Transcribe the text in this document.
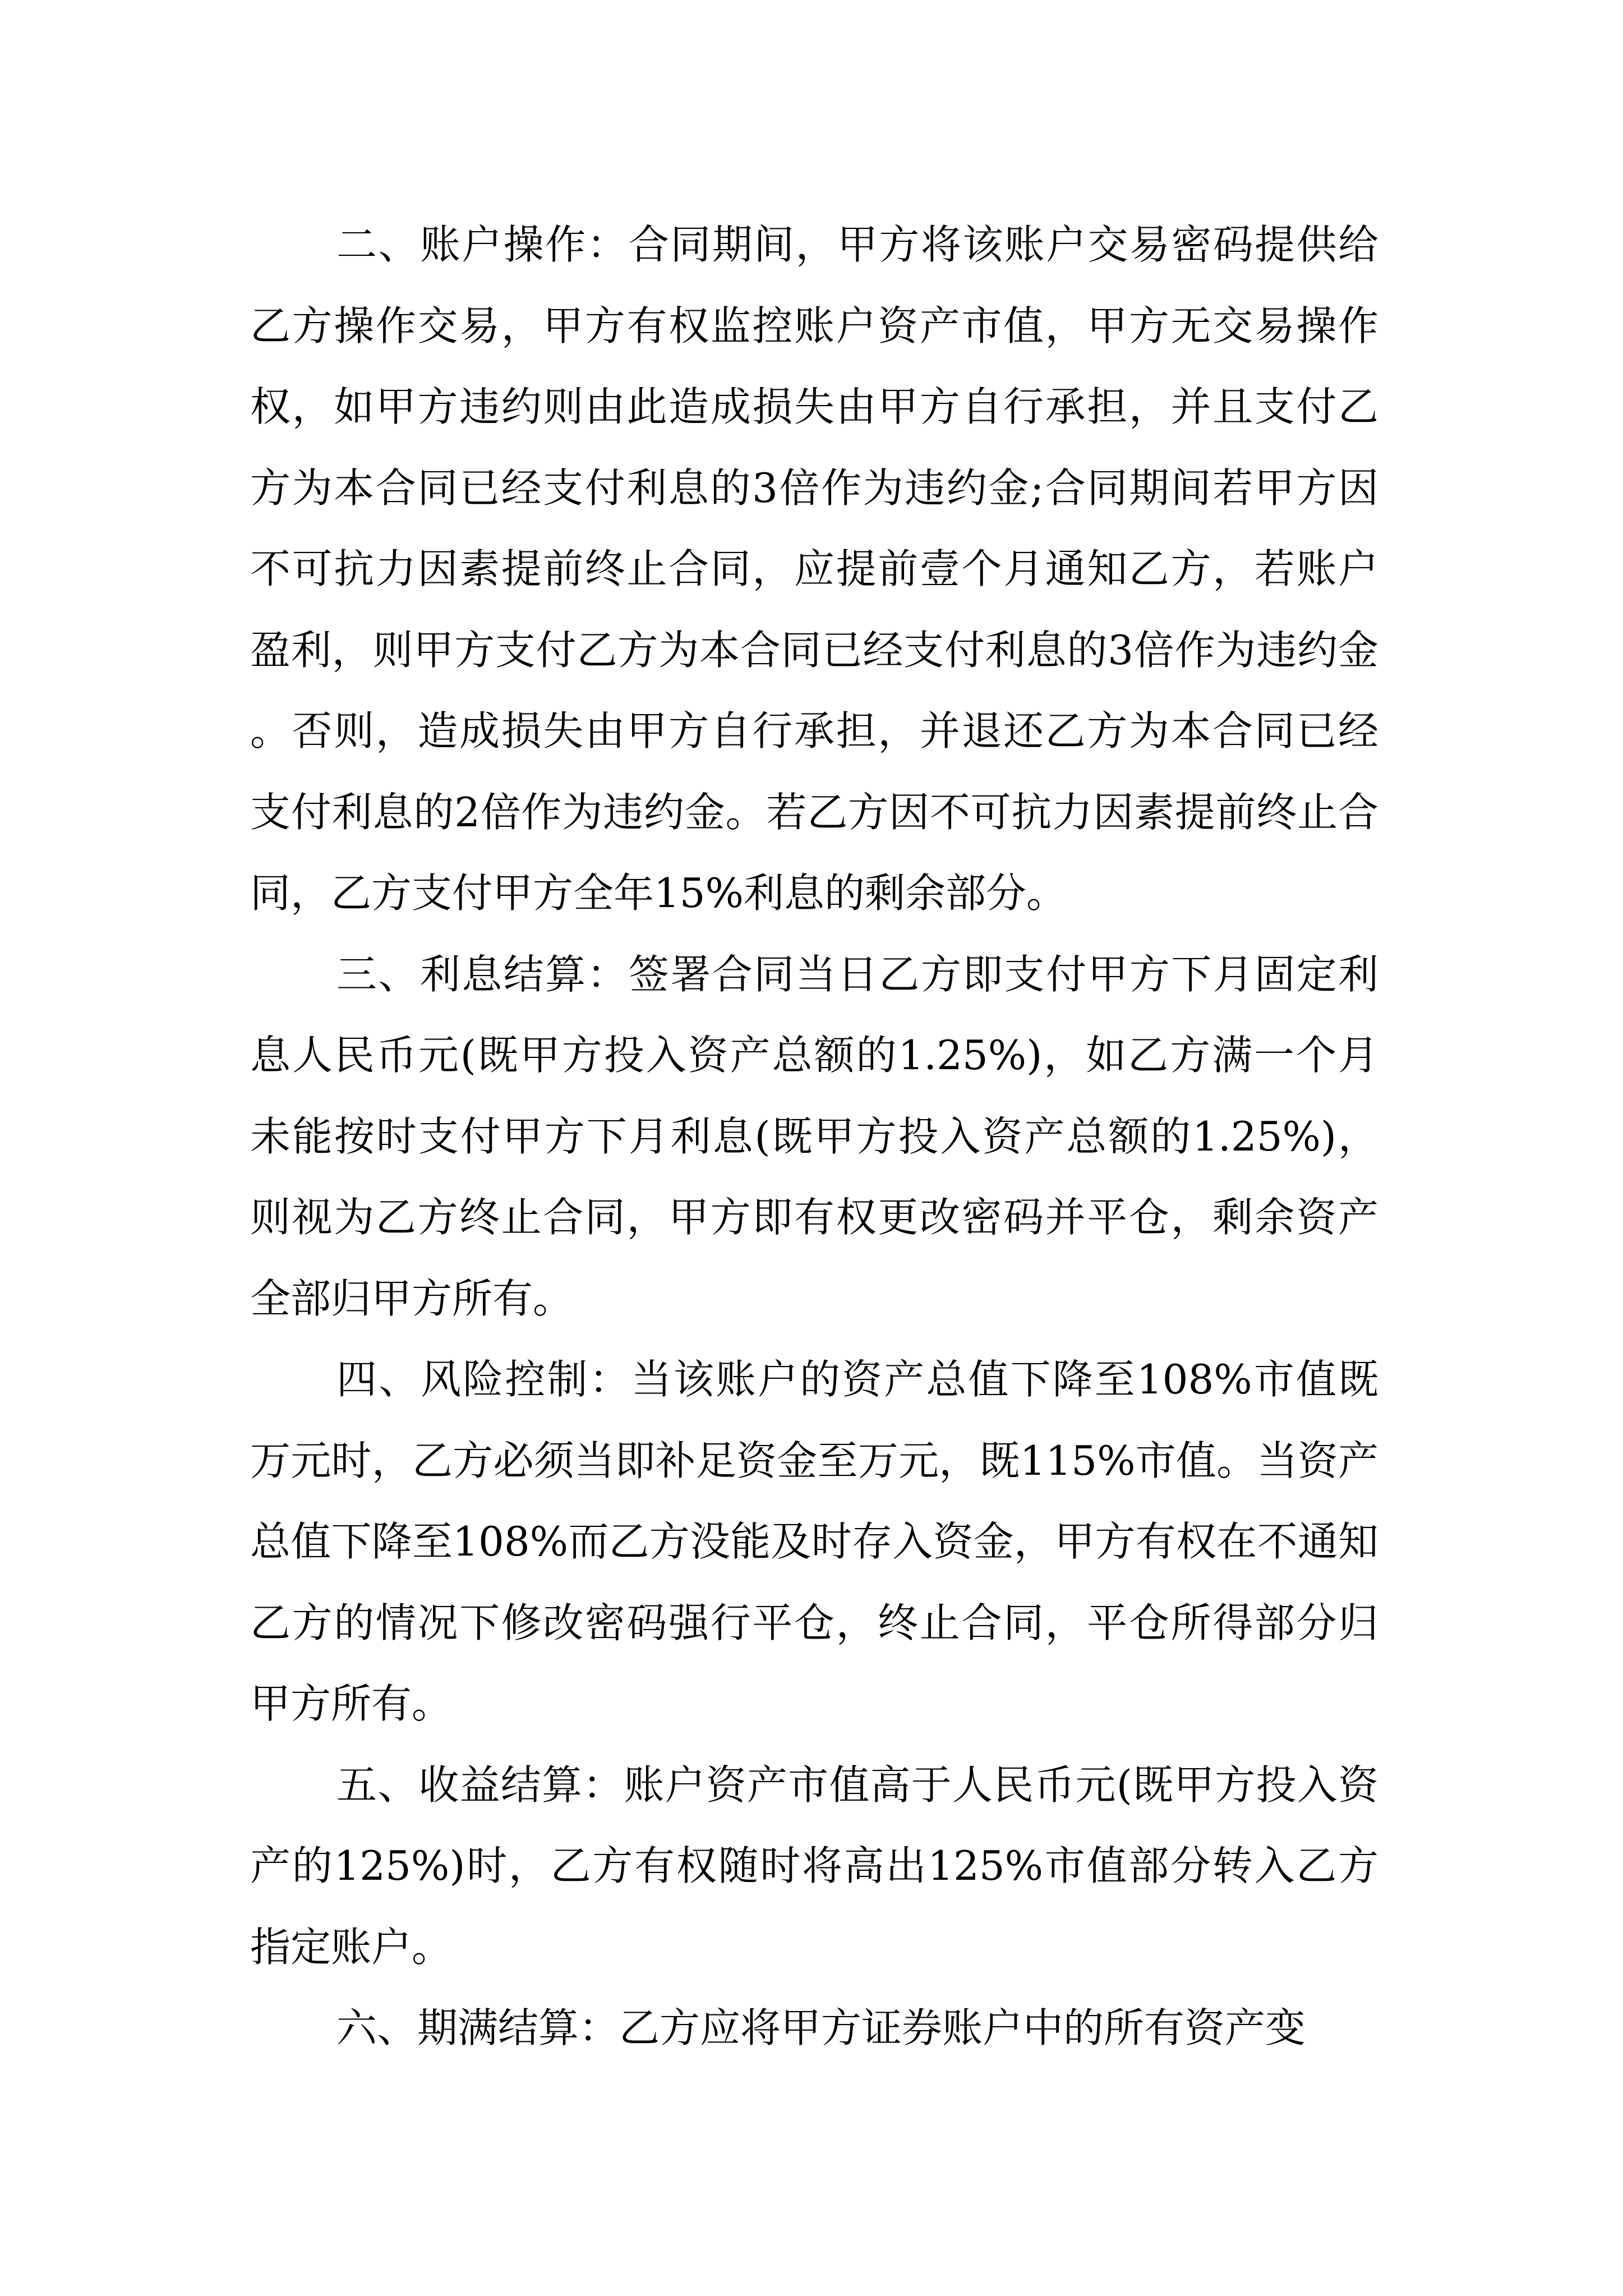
二、账户操作：合同期间，甲方将该账户交易密码提供给乙方操作交易，甲方有权监控账户资产市值，甲方无交易操作权，如甲方违约则由此造成损失由甲方自行承担，并且支付乙方为本合同已经支付利息的3倍作为违约金;合同期间若甲方因不可抗力因素提前终止合同，应提前壹个月通知乙方，若账户盈利，则甲方支付乙方为本合同已经支付利息的3倍作为违约金。否则，造成损失由甲方自行承担，并退还乙方为本合同已经支付利息的2倍作为违约金。若乙方因不可抗力因素提前终止合同，乙方支付甲方全年15%利息的剩余部分。

三、利息结算：签署合同当日乙方即支付甲方下月固定利息人民币元(既甲方投入资产总额的1.25%)，如乙方满一个月未能按时支付甲方下月利息(既甲方投入资产总额的1.25%)，则视为乙方终止合同，甲方即有权更改密码并平仓，剩余资产全部归甲方所有。

四、风险控制：当该账户的资产总值下降至108%市值既万元时，乙方必须当即补足资金至万元，既115%市值。当资产总值下降至108%而乙方没能及时存入资金，甲方有权在不通知乙方的情况下修改密码强行平仓，终止合同，平仓所得部分归甲方所有。

五、收益结算：账户资产市值高于人民币元(既甲方投入资产的125%)时，乙方有权随时将高出125%市值部分转入乙方指定账户。

六、期满结算：乙方应将甲方证券账户中的所有资产变
